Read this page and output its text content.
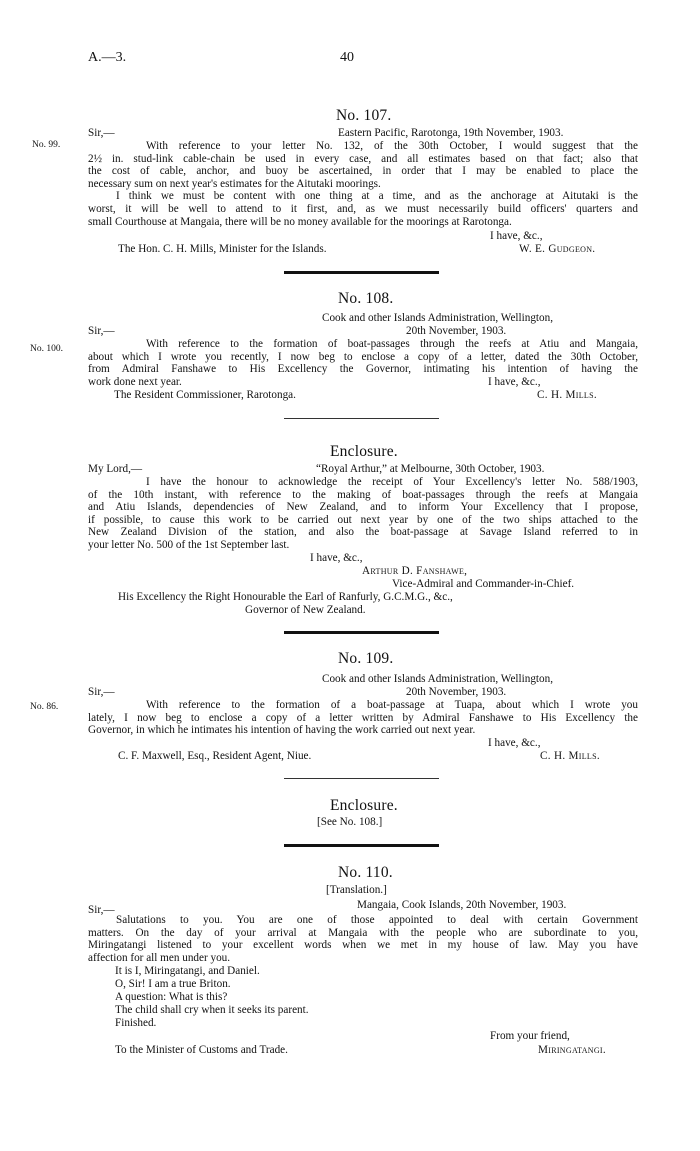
A.—3.	40
No. 107.
No. 99.
Sir,—	Eastern Pacific, Rarotonga, 19th November, 1903.
With reference to your letter No. 132, of the 30th October, I would suggest that the
2½ in. stud-link cable-chain be used in every case, and all estimates based on that fact; also that
the cost of cable, anchor, and buoy be ascertained, in order that I may be enabled to place the
necessary sum on next year's estimates for the Aitutaki moorings.
I think we must be content with one thing at a time, and as the anchorage at Aitutaki is the
worst, it will be well to attend to it first, and, as we must necessarily build officers' quarters and
small Courthouse at Mangaia, there will be no money available for the moorings at Rarotonga.
I have, &c.,
The Hon. C. H. Mills, Minister for the Islands.	W. E. Gudgeon.
No. 108.
Cook and other Islands Administration, Wellington,
Sir,—	20th November, 1903.
No. 100.	With reference to the formation of boat-passages through the reefs at Atiu and Mangaia,
about which I wrote you recently, I now beg to enclose a copy of a letter, dated the 30th October,
from Admiral Fanshawe to His Excellency the Governor, intimating his intention of having the
work done next year.	I have, &c.,
The Resident Commissioner, Rarotonga.	C. H. Mills.
Enclosure.
My Lord,—	“Royal Arthur,” at Melbourne, 30th October, 1903.
I have the honour to acknowledge the receipt of Your Excellency's letter No. 588/1903,
of the 10th instant, with reference to the making of boat-passages through the reefs at Mangaia
and Atiu Islands, dependencies of New Zealand, and to inform Your Excellency that I propose,
if possible, to cause this work to be carried out next year by one of the two ships attached to the
New Zealand Division of the station, and also the boat-passage at Savage Island referred to in
your letter No. 500 of the 1st September last.
I have, &c.,
Arthur D. Fanshawe,
Vice-Admiral and Commander-in-Chief.
His Excellency the Right Honourable the Earl of Ranfurly, G.C.M.G., &c.,
Governor of New Zealand.
No. 109.
Cook and other Islands Administration, Wellington,
Sir,—	20th November, 1903.
No. 86.	With reference to the formation of a boat-passage at Tuapa, about which I wrote you
lately, I now beg to enclose a copy of a letter written by Admiral Fanshawe to His Excellency the
Governor, in which he intimates his intention of having the work carried out next year.
I have, &c.,
C. F. Maxwell, Esq., Resident Agent, Niue.	C. H. Mills.
Enclosure.
[See No. 108.]
No. 110.
[Translation.]
Mangaia, Cook Islands, 20th November, 1903.
Sir,—
Salutations to you. You are one of those appointed to deal with certain Government
matters. On the day of your arrival at Mangaia with the people who are subordinate to you,
Miringatangi listened to your excellent words when we met in my house of law. May you have
affection for all men under you.
It is I, Miringatangi, and Daniel.
O, Sir! I am a true Briton.
A question: What is this?
The child shall cry when it seeks its parent.
Finished.
From your friend,
To the Minister of Customs and Trade.	Miringatangi.
